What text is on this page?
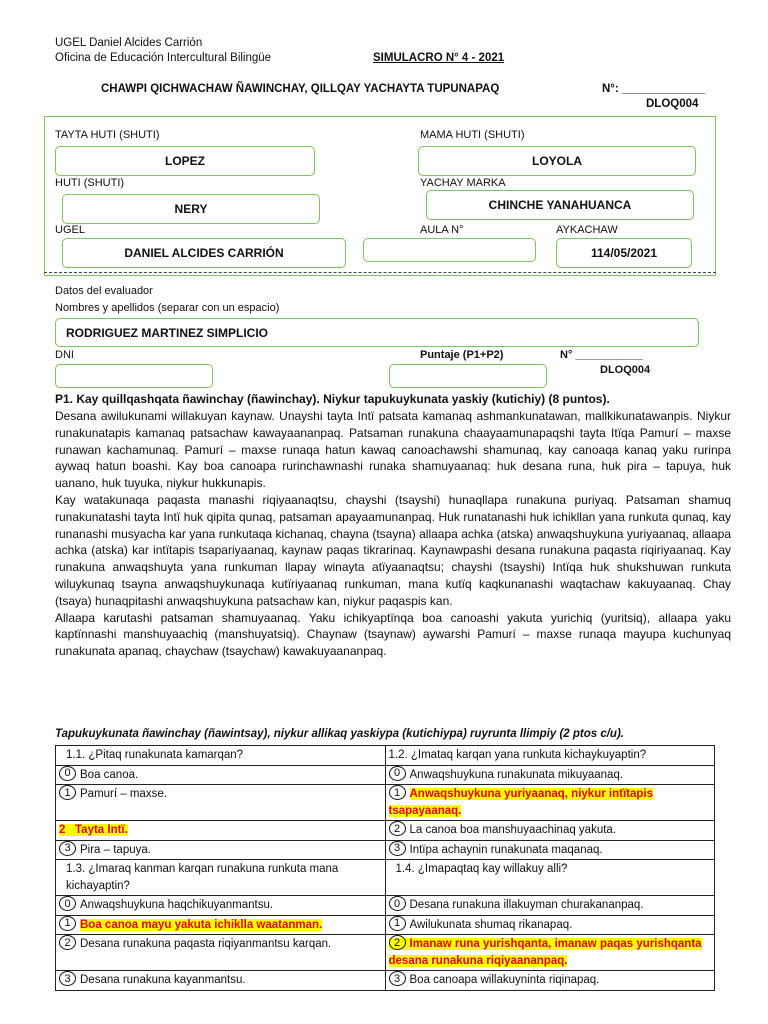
UGEL Daniel Alcides Carrión
Oficina de Educación Intercultural Bilingüe	SIMULACRO N° 4 - 2021
CHAWPI QICHWACHAW ÑAWINCHAY, QILLQAY YACHAYTA TUPUNAPAQ	N°: _____________
DLOQ004
TAYTA HUTI (SHUTI)
LOPEZ
MAMA HUTI (SHUTI)
LOYOLA
HUTI (SHUTI)
NERY
YACHAY MARKA
CHINCHE YANAHUANCA
UGEL
DANIEL ALCIDES CARRIÓN
AULA N°	AYKACHAW
114/05/2021
Datos del evaluador
Nombres y apellidos (separar con un espacio)
RODRIGUEZ MARTINEZ SIMPLICIO
DNI	Puntaje (P1+P2)	N° ___________
DLOQ004
P1. Kay quillqashqata ñawinchay (ñawinchay). Niykur tapukuykunata yaskiy (kutichiy) (8 puntos).

Desana awilukunami willakuyan kaynaw. Unayshi tayta Intï patsata kamanaq ashmankunatawan, mallkikunatawanpis. Niykur runakunatapis kamanaq patsachaw kawayaananpaq. Patsaman runakuna chaayaamunapaqshi tayta Itïqa Pamurí – maxse runawan kachamunaq. Pamurí – maxse runaqa hatun kawaq canoachawshi shamunaq, kay canoaqa kanaq yaku rurinpa aywaq hatun boashi. Kay boa canoapa rurinchawnashi runaka shamuyaanaq: huk desana runa, huk pira – tapuya, huk uanano, huk tuyuka, niykur hukkunapis.

Kay watakunaqa paqasta manashi riqiyaanaqtsu, chayshi (tsayshi) hunaqllapa runakuna puriyaq. Patsaman shamuq runakunatashi tayta Intï huk qipita qunaq, patsaman apayaamunanpaq. Huk runatanashi huk ichikllan yana runkuta qunaq, kay runanashi musyacha kar yana runkutaqa kichanaq, chayna (tsayna) allaapa achka (atska) anwaqshuykuna yuriyaanaq, allaapa achka (atska) kar intïtapis tsapariyaanaq, kaynaw paqas tikrarinaq. Kaynawpashi desana runakuna paqasta riqiriyaanaq. Kay runakuna anwaqshuyta yana runkuman llapay winayta atïyaanaqtsu; chayshi (tsayshi) Intïqa huk shukshuwan runkuta wiluykunaq tsayna anwaqshuykunaqa kutïriyaanaq runkuman, mana kutïq kaqkunanashi waqtachaw kakuyaanaq. Chay (tsaya) hunaqpitashi anwaqshuykuna patsachaw kan, niykur paqaspis kan.

Allaapa karutashi patsaman shamuyaanaq. Yaku ichikyaptïnqa boa canoashi yakuta yurichiq (yuritsiq), allaapa yaku kaptïnnashi manshuyaachiq (manshuyatsiq). Chaynaw (tsaynaw) aywarshi Pamurí – maxse runaqa mayupa kuchunyaq runakunata apanaq, chaychaw (tsaychaw) kawakuyaananpaq.

Tapukuykunata ñawinchay (ñawintsay), niykur allikaq yaskiypa (kutichiypa) ruyrunta llimpiy (2 ptos c/u).
1.1. ¿Pitaq runakunata kamarqan?	1.2. ¿Imataq karqan yana runkuta kichaykuyaptin?
0 Boa canoa.	0 Anwaqshuykuna runakunata mikuyaanaq.
1 Pamurí – maxse.	1 Anwaqshuykuna yuriyaanaq, niykur intïtapis tsapayaanaq.
2 Tayta Intï.	2 La canoa boa manshuyaachinaq yakuta.
3 Pira – tapuya.	3 Intïpa achaynin runakunata maqanaq.
1.3. ¿Imaraq kanman karqan runakuna runkuta mana kichayaptin?	1.4. ¿Imapaqtaq kay willakuy alli?
0 Anwaqshuykuna haqchikuyanmantsu.	0 Desana runakuna illakuyman churakananpaq.
1 Boa canoa mayu yakuta ichiklla waatanman.	1 Awilukunata shumaq rikanapaq.
2 Desana runakuna paqasta riqiyanmantsu karqan.	2 Imanaw runa yurishqanta, imanaw paqas yurishqanta desana runakuna riqiyaananpaq.
3 Desana runakuna kayanmantsu.	3 Boa canoapa willakuyninta riqinapaq.
